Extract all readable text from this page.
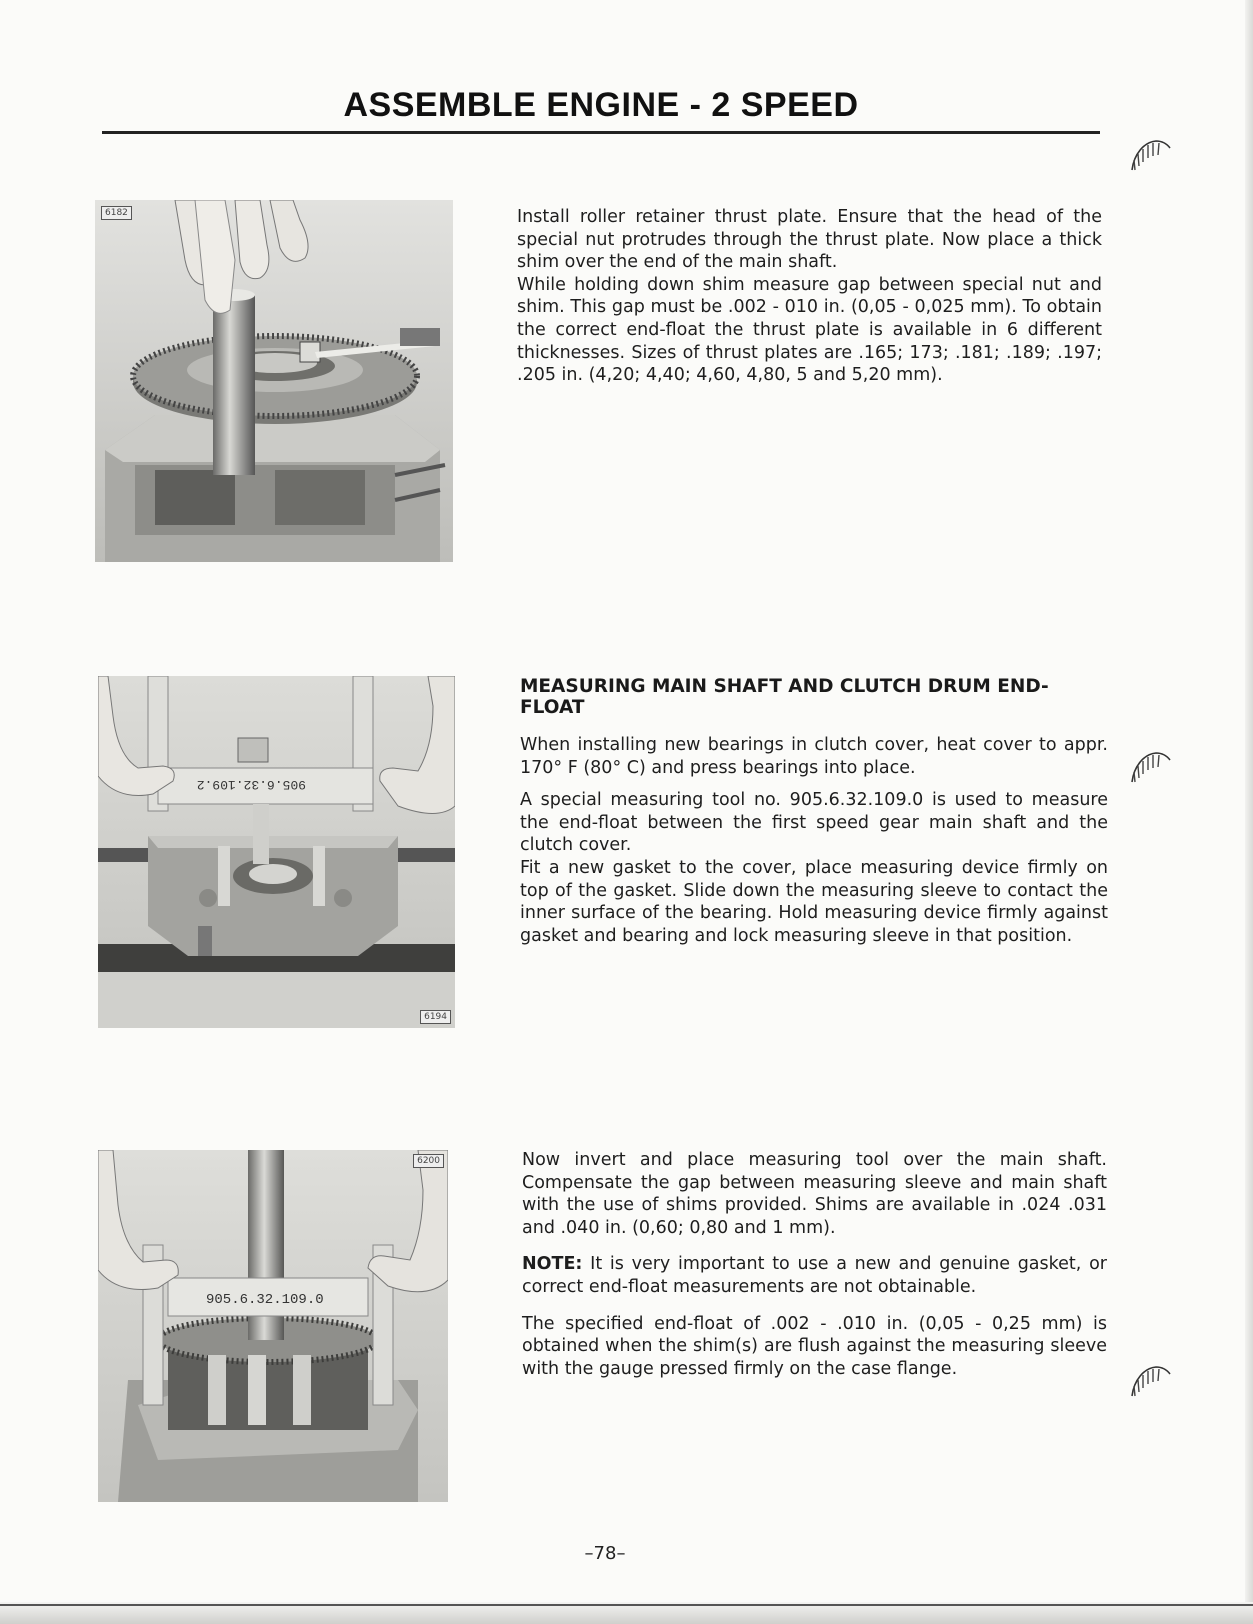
ASSEMBLE ENGINE - 2 SPEED
6182	Install roller retainer thrust plate. Ensure that the head of the special nut protrudes through the thrust plate. Now place a thick shim over the end of the main shaft.

While holding down shim measure gap between special nut and shim. This gap must be .002 - 010 in. (0,05 - 0,025 mm). To obtain the correct end-float the thrust plate is available in 6 different thicknesses. Sizes of thrust plates are .165; 173; .181; .189; .197; .205 in. (4,20; 4,40; 4,60, 4,80, 5 and 5,20 mm).

905.6.32.109.2
6194
MEASURING MAIN SHAFT AND CLUTCH DRUM END-FLOAT

When installing new bearings in clutch cover, heat cover to appr. 170° F (80° C) and press bearings into place.

A special measuring tool no. 905.6.32.109.0 is used to measure the end-float between the first speed gear main shaft and the clutch cover.

Fit a new gasket to the cover, place measuring device firmly on top of the gasket. Slide down the measuring sleeve to contact the inner surface of the bearing. Hold measuring device firmly against gasket and bearing and lock measuring sleeve in that position.

905.6.32.109.0
6200	Now invert and place measuring tool over the main shaft. Compensate the gap between measuring sleeve and main shaft with the use of shims provided. Shims are available in .024 .031 and .040 in. (0,60; 0,80 and 1 mm).

NOTE: It is very important to use a new and genuine gasket, or correct end-float measurements are not obtainable.

The specified end-float of .002 - .010 in. (0,05 - 0,25 mm) is obtained when the shim(s) are flush against the measuring sleeve with the gauge pressed firmly on the case flange.

–78–
